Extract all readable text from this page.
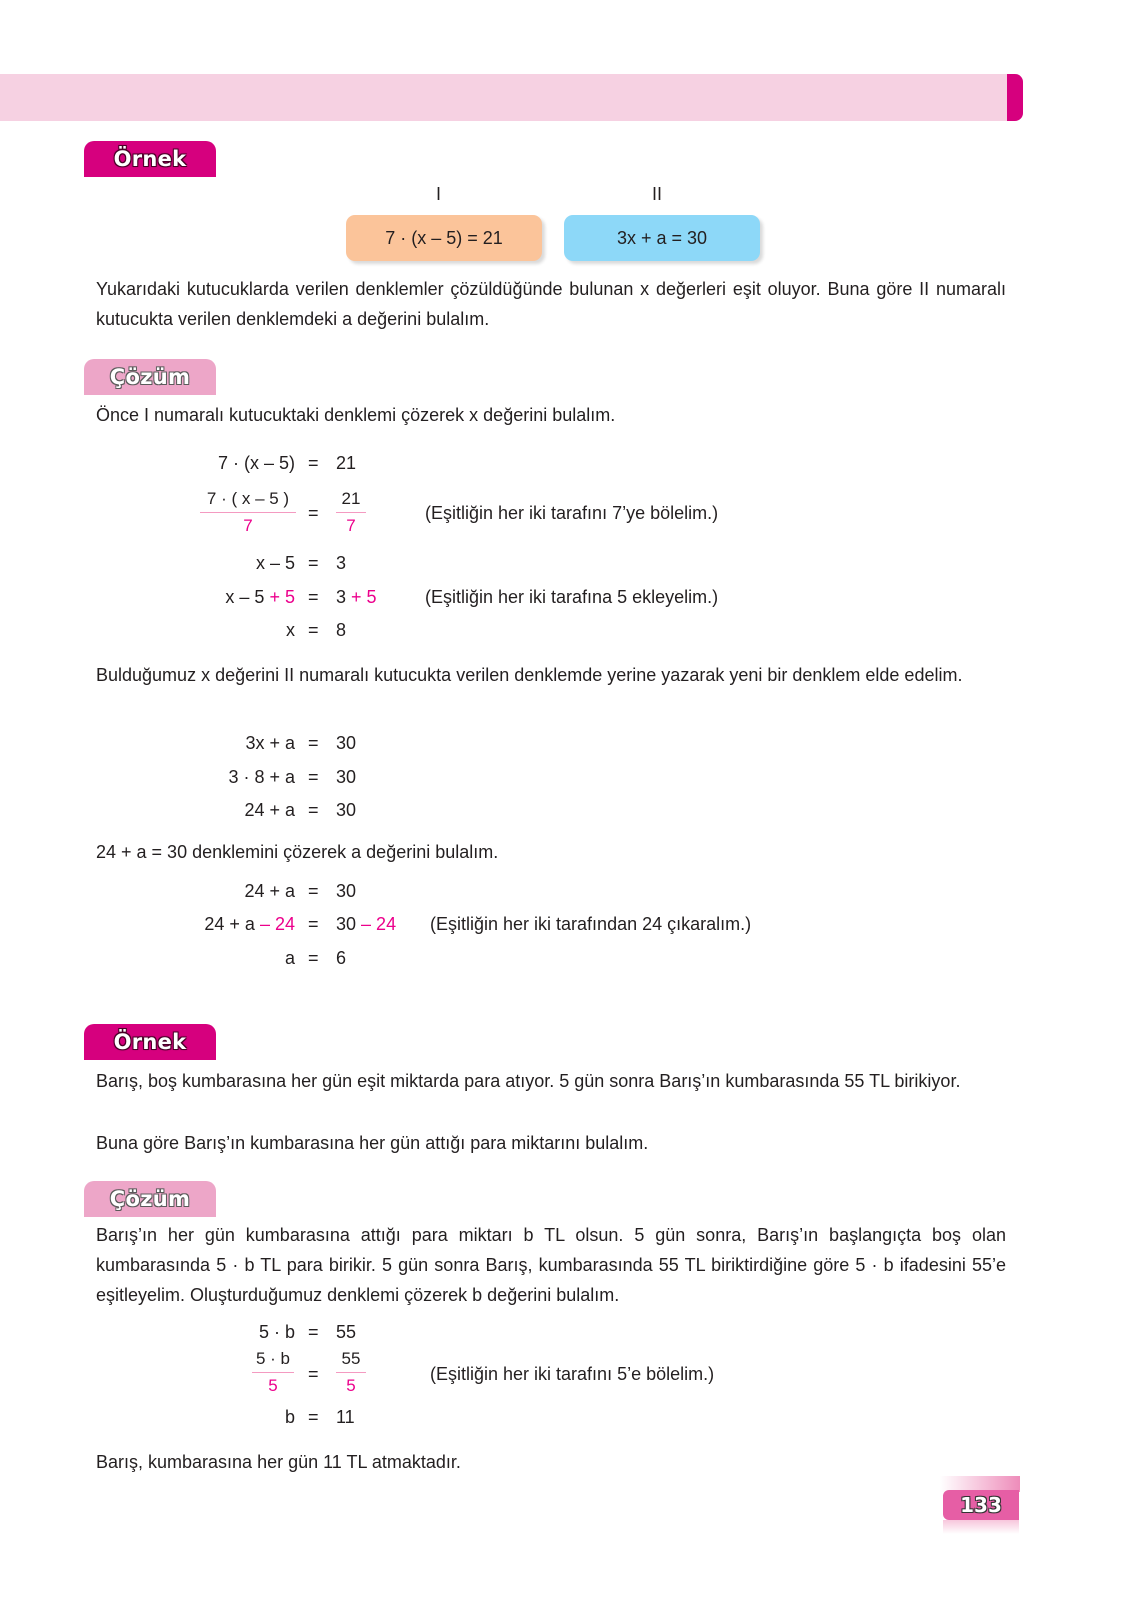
Örnek
I	II
7 · (x – 5) = 21	3x + a = 30
Yukarıdaki kutucuklarda verilen denklemler çözüldüğünde bulunan x değerleri eşit oluyor. Buna göre II numaralı kutucukta verilen denklemdeki a değerini bulalım.
Çözüm
Önce I numaralı kutucuktaki denklemi çözerek x değerini bulalım.
7 · (x – 5) = 21
7 · ( x – 5 )
7
=
21
7
(Eşitliğin her iki tarafını 7’ye bölelim.)
x – 5 = 3
x – 5 + 5 = 3 + 5	(Eşitliğin her iki tarafına 5 ekleyelim.)
x = 8
Bulduğumuz x değerini II numaralı kutucukta verilen denklemde yerine yazarak yeni bir denklem elde edelim.
3x + a = 30
3 · 8 + a = 30
24 + a = 30
24 + a = 30 denklemini çözerek a değerini bulalım.
24 + a = 30
24 + a – 24 = 30 – 24 (Eşitliğin her iki tarafından 24 çıkaralım.)
a = 6
Örnek
Barış, boş kumbarasına her gün eşit miktarda para atıyor. 5 gün sonra Barış’ın kumbarasında 55 TL birikiyor.
Buna göre Barış’ın kumbarasına her gün attığı para miktarını bulalım.
Çözüm
Barış’ın her gün kumbarasına attığı para miktarı b TL olsun. 5 gün sonra, Barış’ın başlangıçta boş olan kumbarasında 5 · b TL para birikir. 5 gün sonra Barış, kumbarasında 55 TL biriktirdiğine göre 5 · b ifadesini 55’e eşitleyelim. Oluşturduğumuz denklemi çözerek b değerini bulalım.
5 · b = 55
5 · b
5
=
55
5
(Eşitliğin her iki tarafını 5’e bölelim.)
b = 11
Barış, kumbarasına her gün 11 TL atmaktadır.
133
